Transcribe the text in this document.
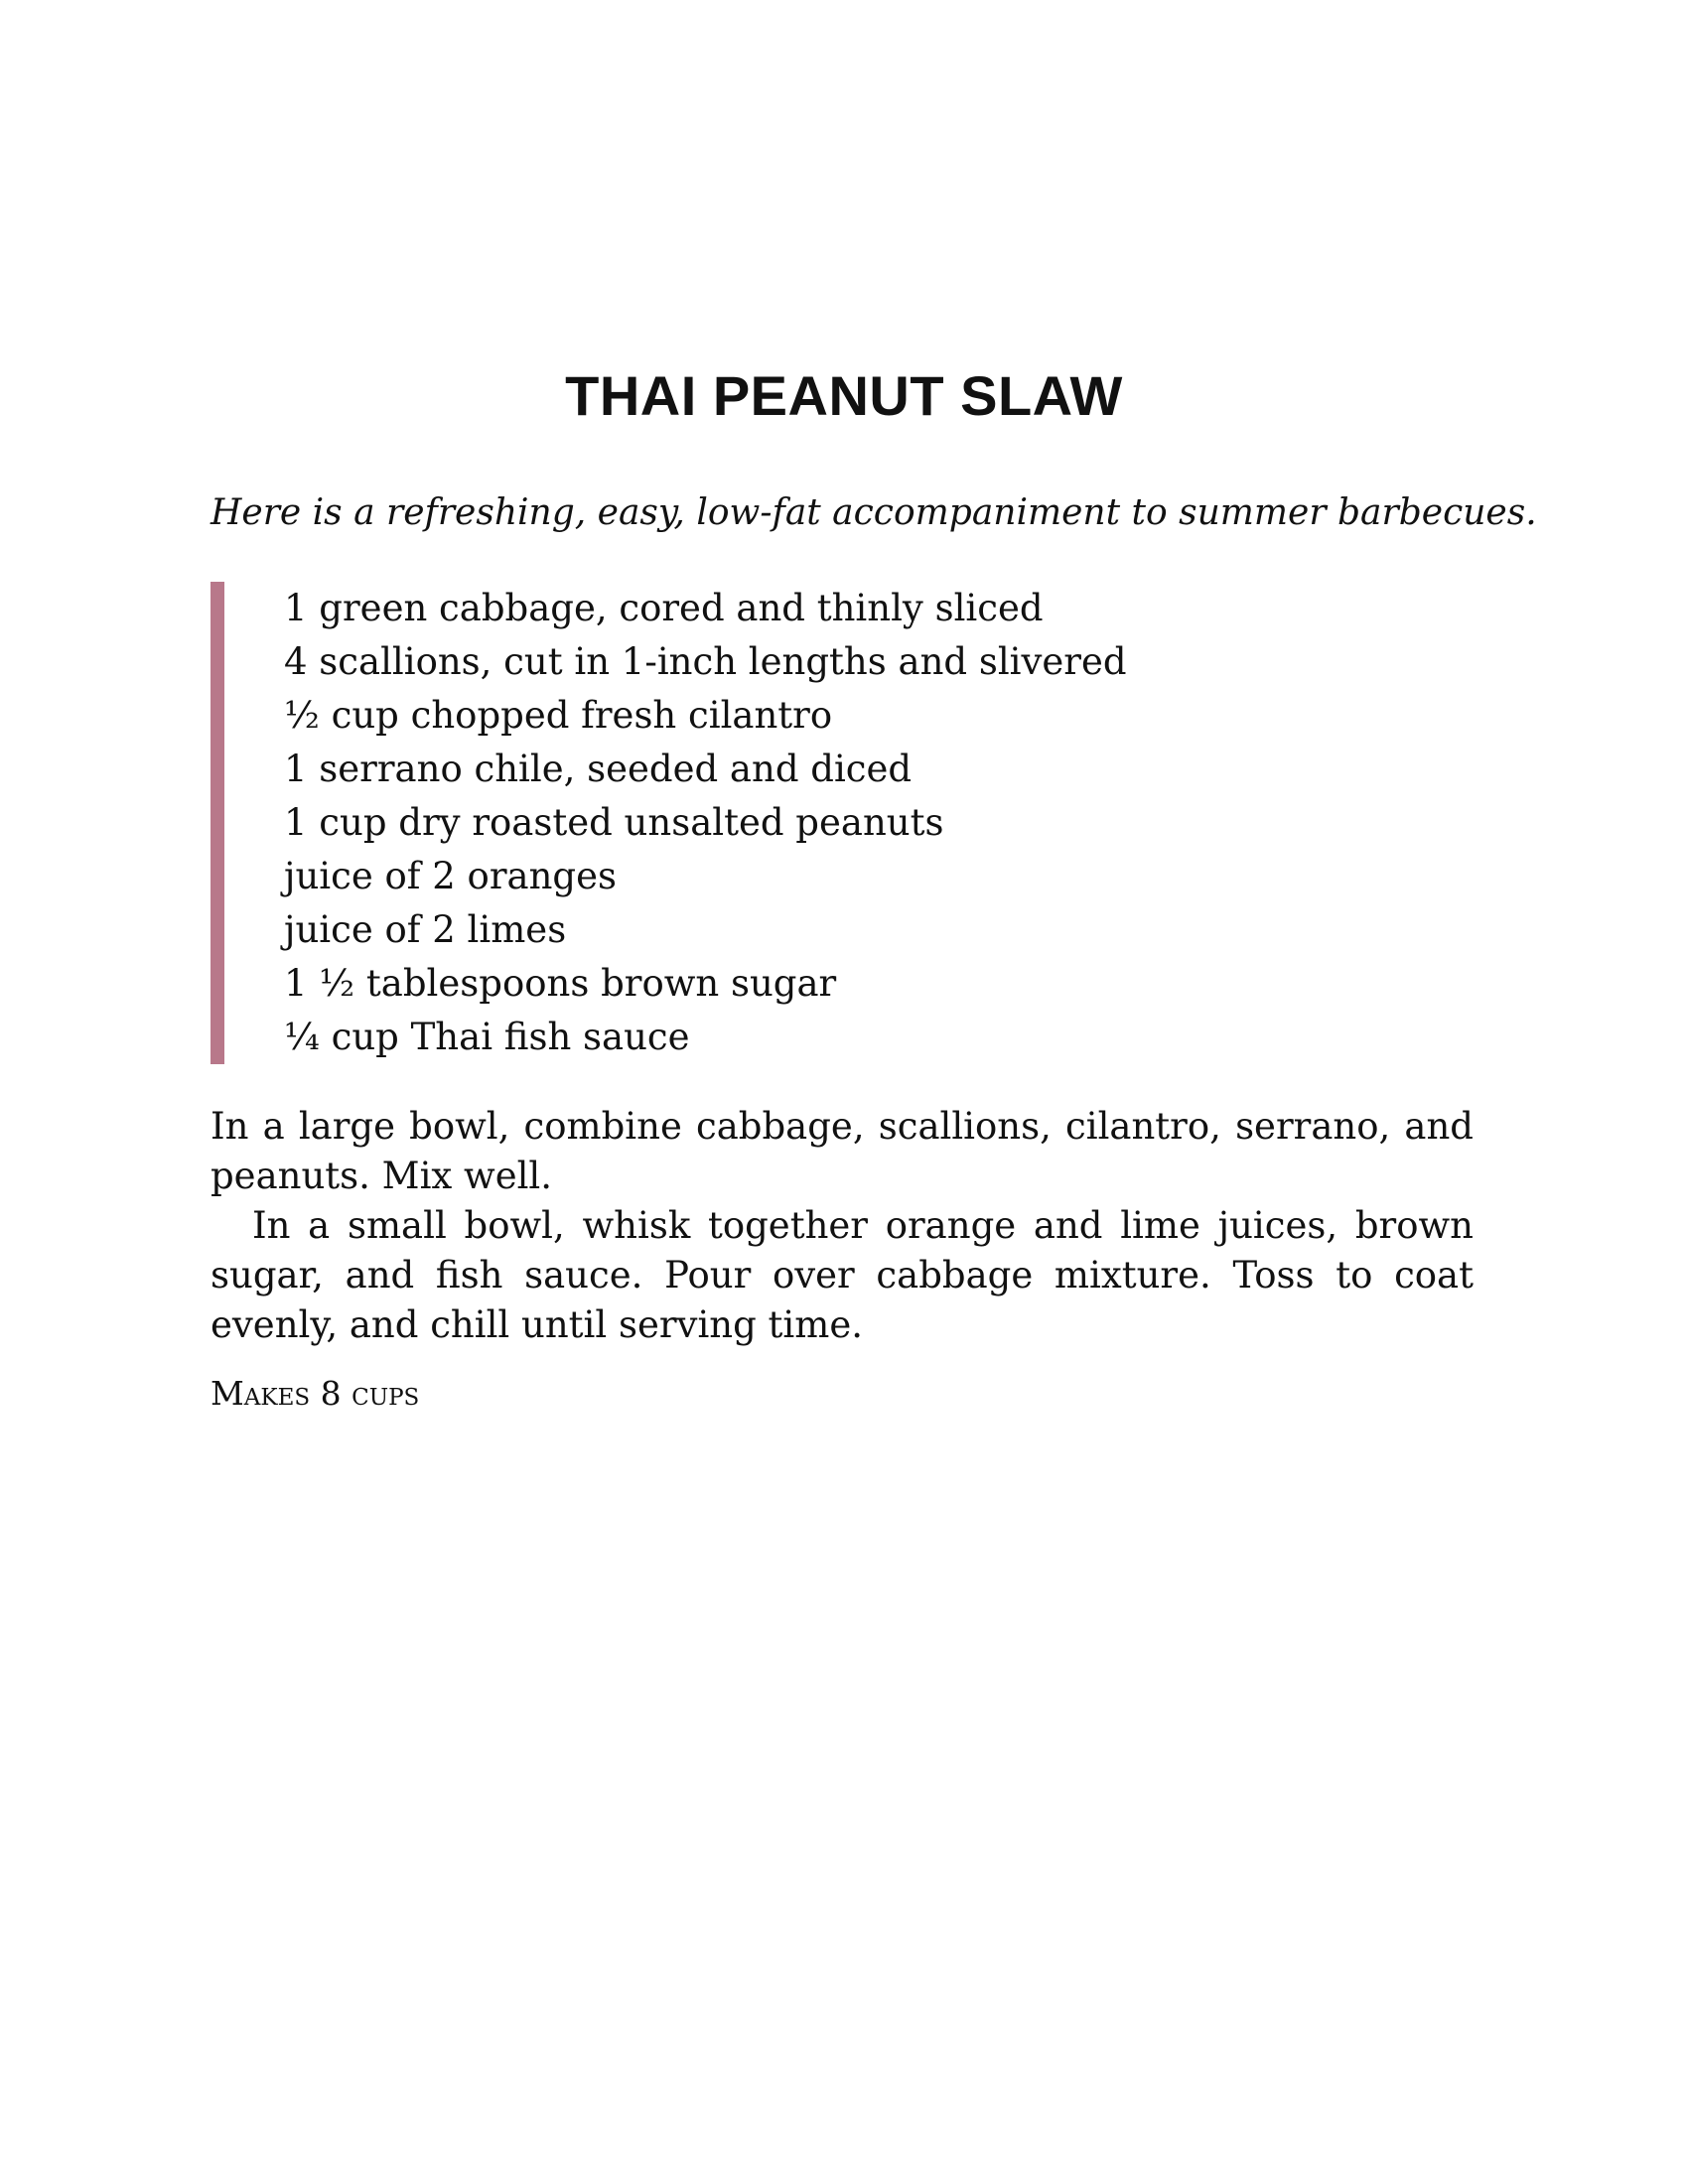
THAI PEANUT SLAW

Here is a refreshing, easy, low-fat accompaniment to summer barbecues.

1 green cabbage, cored and thinly sliced
4 scallions, cut in 1-inch lengths and slivered
½ cup chopped fresh cilantro
1 serrano chile, seeded and diced
1 cup dry roasted unsalted peanuts
juice of 2 oranges
juice of 2 limes
1 ½ tablespoons brown sugar
¼ cup Thai fish sauce

In a large bowl, combine cabbage, scallions, cilantro, serrano, and peanuts. Mix well.

In a small bowl, whisk together orange and lime juices, brown sugar, and fish sauce. Pour over cabbage mixture. Toss to coat evenly, and chill until serving time.

Makes 8 cups
